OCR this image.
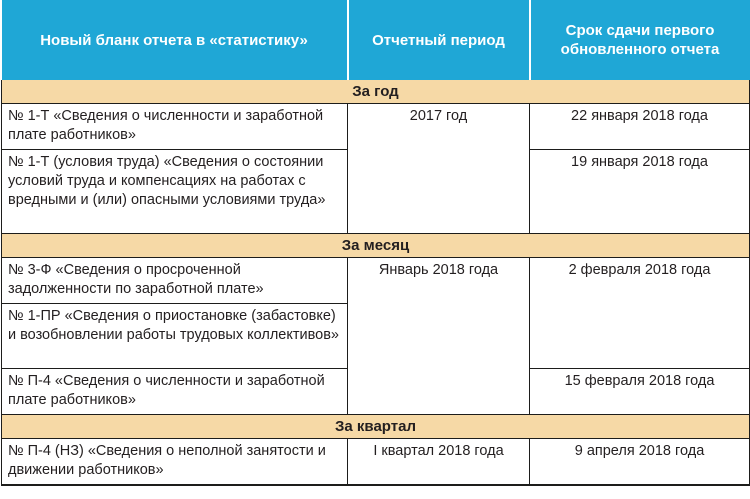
Новый бланк отчета в «статистику»	Отчетный период	Срок сдачи первого обновленного отчета
За год		
№ 1-Т «Сведения о численности и заработной плате работников»	2017 год	22 января 2018 года
№ 1-Т (условия труда) «Сведения о состоянии условий труда и компенсациях на работах с вредными и (или) опасными условиями труда»		19 января 2018 года
За месяц		
№ 3-Ф «Сведения о просроченной задолженности по заработной плате»	Январь 2018 года	2 февраля 2018 года
№ 1-ПР «Сведения о приостановке (забастовке) и возобновлении работы трудовых коллективов»		
№ П-4 «Сведения о численности и заработной плате работников»		15 февраля 2018 года
За квартал		
№ П-4 (НЗ) «Сведения о неполной занятости и движении работников»	I квартал 2018 года	9 апреля 2018 года
